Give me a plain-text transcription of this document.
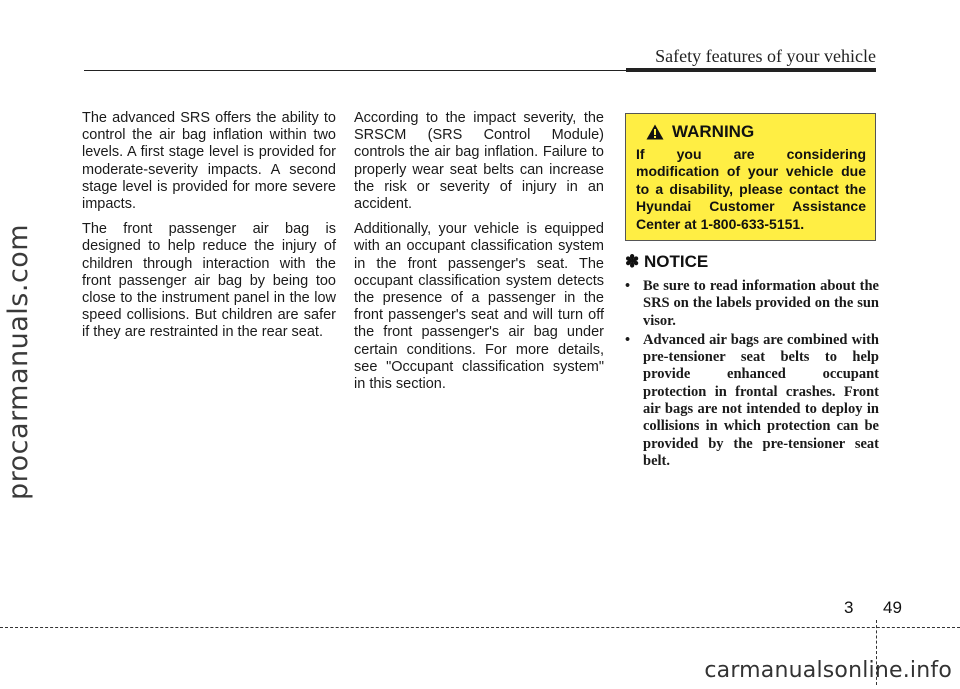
procarmanuals.com
Safety features of your vehicle

The advanced SRS offers the ability to control the air bag inflation within two levels. A first stage level is provided for moderate-severity impacts. A second stage level is provided for more severe impacts.

The front passenger air bag is designed to help reduce the injury of children through interaction with the front passenger air bag by being too close to the instrument panel in the low speed collisions. But children are safer if they are restrainted in the rear seat.

According to the impact severity, the SRSCM (SRS Control Module) controls the air bag inflation. Failure to properly wear seat belts can increase the risk or severity of injury in an accident.

Additionally, your vehicle is equipped with an occupant classification system in the front passenger's seat. The occupant classification system detects the presence of a passenger in the front passenger's seat and will turn off the front passenger's air bag under certain conditions. For more details, see "Occupant classification system" in this section.

WARNING
If you are considering modification of your vehicle due to a disability, please contact the Hyundai Customer Assistance Center at 1-800-633-5151.
✽ NOTICE
• Be sure to read information about the SRS on the labels provided on the sun visor.
• Advanced air bags are combined with pre-tensioner seat belts to help provide enhanced occupant protection in frontal crashes. Front air bags are not intended to deploy in collisions in which protection can be provided by the pre-tensioner seat belt.
3 49
carmanualsonline.info
